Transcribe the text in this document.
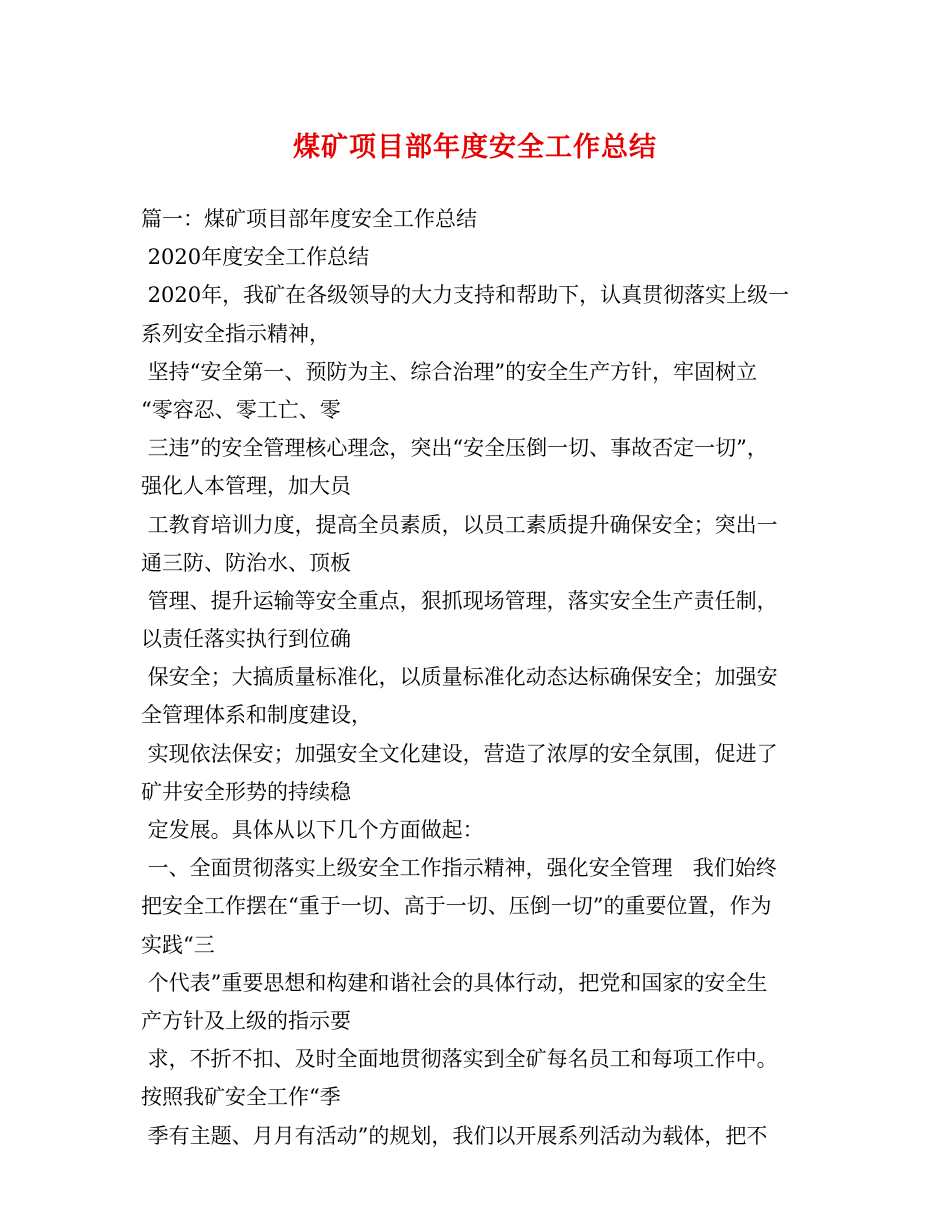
煤矿项目部年度安全工作总结
篇一：煤矿项目部年度安全工作总结
2020年度安全工作总结
2020年，我矿在各级领导的大力支持和帮助下，认真贯彻落实上级一
系列安全指示精神，
坚持“安全第一、预防为主、综合治理”的安全生产方针，牢固树立
“零容忍、零工亡、零
三违”的安全管理核心理念，突出“安全压倒一切、事故否定一切”，
强化人本管理，加大员
工教育培训力度，提高全员素质，以员工素质提升确保安全；突出一
通三防、防治水、顶板
管理、提升运输等安全重点，狠抓现场管理，落实安全生产责任制，
以责任落实执行到位确
保安全；大搞质量标准化，以质量标准化动态达标确保安全；加强安
全管理体系和制度建设，
实现依法保安；加强安全文化建设，营造了浓厚的安全氛围，促进了
矿井安全形势的持续稳
定发展。具体从以下几个方面做起：
一、全面贯彻落实上级安全工作指示精神，强化安全管理   我们始终
把安全工作摆在“重于一切、高于一切、压倒一切”的重要位置，作为
实践“三
个代表”重要思想和构建和谐社会的具体行动，把党和国家的安全生
产方针及上级的指示要
求，不折不扣、及时全面地贯彻落实到全矿每名员工和每项工作中。
按照我矿安全工作“季
季有主题、月月有活动”的规划，我们以开展系列活动为载体，把不
